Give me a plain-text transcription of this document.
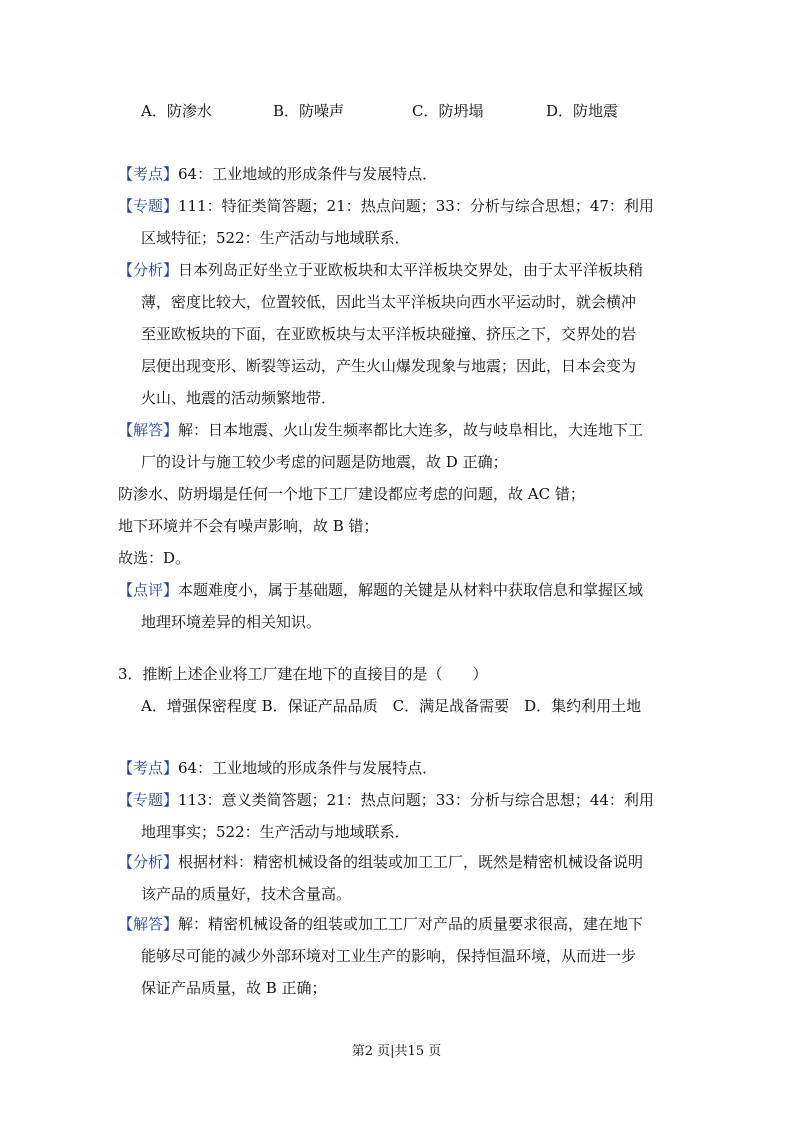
A．防渗水	B．防噪声	C．防坍塌	D．防地震
【考点】64：工业地域的形成条件与发展特点．
【专题】111：特征类简答题；21：热点问题；33：分析与综合思想；47：利用
区域特征；522：生产活动与地域联系．
【分析】日本列岛正好坐立于亚欧板块和太平洋板块交界处，由于太平洋板块稍
薄，密度比较大，位置较低，因此当太平洋板块向西水平运动时，就会横冲
至亚欧板块的下面，在亚欧板块与太平洋板块碰撞、挤压之下，交界处的岩
层便出现变形、断裂等运动，产生火山爆发现象与地震；因此，日本会变为
火山、地震的活动频繁地带．
【解答】解：日本地震、火山发生频率都比大连多，故与岐阜相比，大连地下工
厂的设计与施工较少考虑的问题是防地震，故 D 正确；
防渗水、防坍塌是任何一个地下工厂建设都应考虑的问题，故 AC 错；
地下环境并不会有噪声影响，故 B 错；
故选：D。
【点评】本题难度小，属于基础题，解题的关键是从材料中获取信息和掌握区域
地理环境差异的相关知识。
3．推断上述企业将工厂建在地下的直接目的是（　　）
A．增强保密程度 B．保证产品品质　C．满足战备需要　D．集约利用土地
【考点】64：工业地域的形成条件与发展特点．
【专题】113：意义类简答题；21：热点问题；33：分析与综合思想；44：利用
地理事实；522：生产活动与地域联系．
【分析】根据材料：精密机械设备的组装或加工工厂，既然是精密机械设备说明
该产品的质量好，技术含量高。
【解答】解：精密机械设备的组装或加工工厂对产品的质量要求很高，建在地下
能够尽可能的减少外部环境对工业生产的影响，保持恒温环境，从而进一步
保证产品质量，故 B 正确；
第2 页|共15 页
